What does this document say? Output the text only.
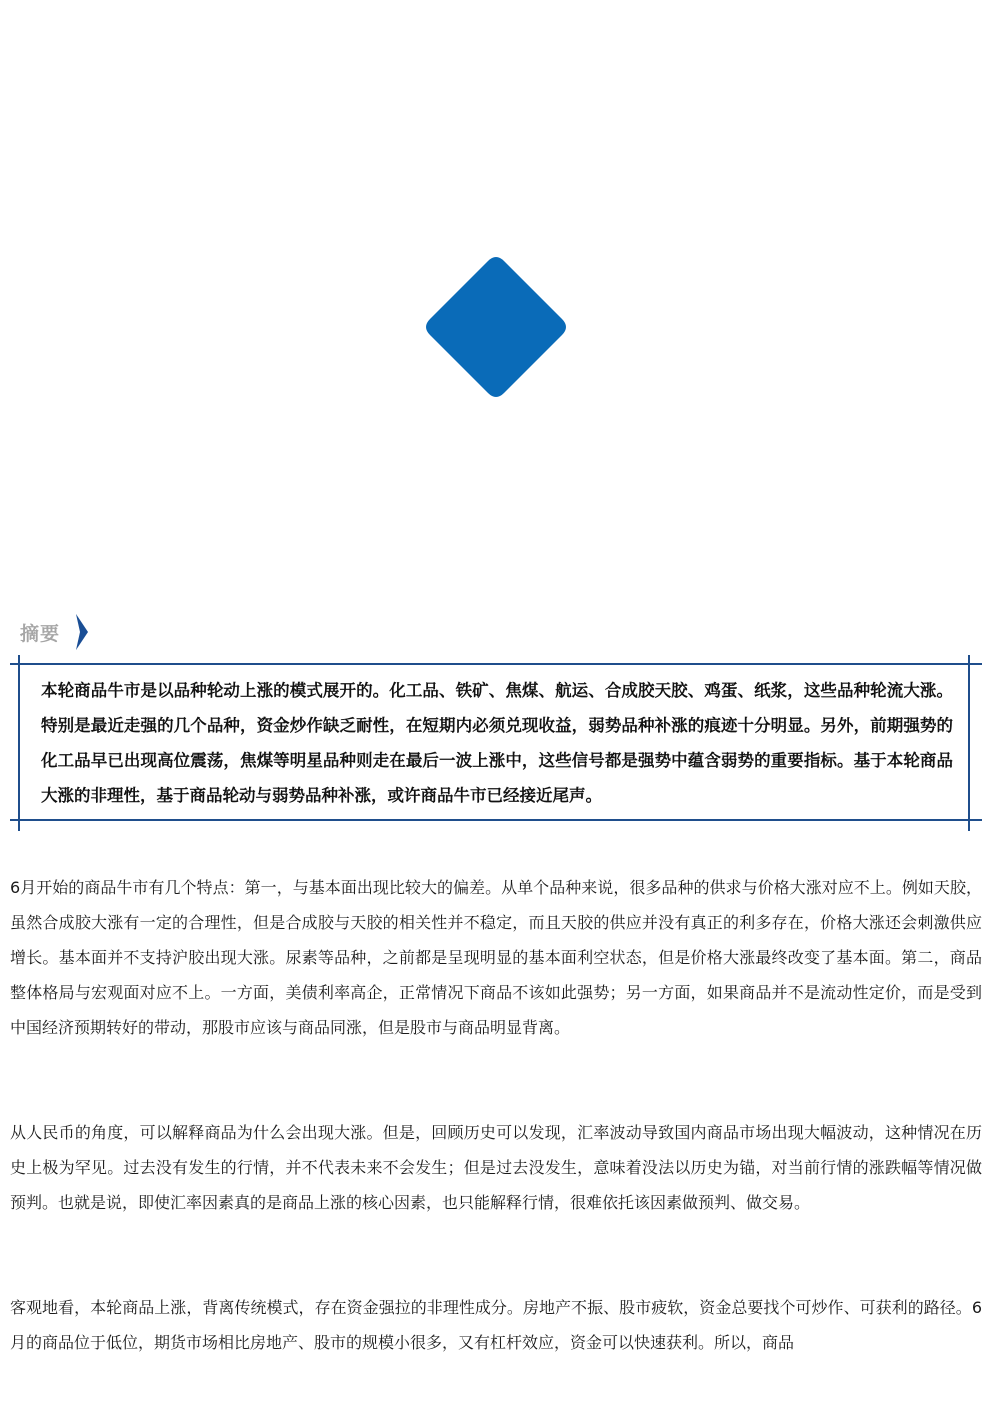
摘要
本轮商品牛市是以品种轮动上涨的模式展开的。化工品、铁矿、焦煤、航运、合成胶天胶、鸡蛋、纸浆，这些品种轮流大涨。特别是最近走强的几个品种，资金炒作缺乏耐性，在短期内必须兑现收益，弱势品种补涨的痕迹十分明显。另外，前期强势的化工品早已出现高位震荡，焦煤等明星品种则走在最后一波上涨中，这些信号都是强势中蕴含弱势的重要指标。基于本轮商品大涨的非理性，基于商品轮动与弱势品种补涨，或许商品牛市已经接近尾声。

6月开始的商品牛市有几个特点：第一，与基本面出现比较大的偏差。从单个品种来说，很多品种的供求与价格大涨对应不上。例如天胶，虽然合成胶大涨有一定的合理性，但是合成胶与天胶的相关性并不稳定，而且天胶的供应并没有真正的利多存在，价格大涨还会刺激供应增长。基本面并不支持沪胶出现大涨。尿素等品种，之前都是呈现明显的基本面利空状态，但是价格大涨最终改变了基本面。第二，商品整体格局与宏观面对应不上。一方面，美债利率高企，正常情况下商品不该如此强势；另一方面，如果商品并不是流动性定价，而是受到中国经济预期转好的带动，那股市应该与商品同涨，但是股市与商品明显背离。

从人民币的角度，可以解释商品为什么会出现大涨。但是，回顾历史可以发现，汇率波动导致国内商品市场出现大幅波动，这种情况在历史上极为罕见。过去没有发生的行情，并不代表未来不会发生；但是过去没发生，意味着没法以历史为锚，对当前行情的涨跌幅等情况做预判。也就是说，即使汇率因素真的是商品上涨的核心因素，也只能解释行情，很难依托该因素做预判、做交易。

客观地看，本轮商品上涨，背离传统模式，存在资金强拉的非理性成分。房地产不振、股市疲软，资金总要找个可炒作、可获利的路径。6月的商品位于低位，期货市场相比房地产、股市的规模小很多，又有杠杆效应，资金可以快速获利。所以，商品
